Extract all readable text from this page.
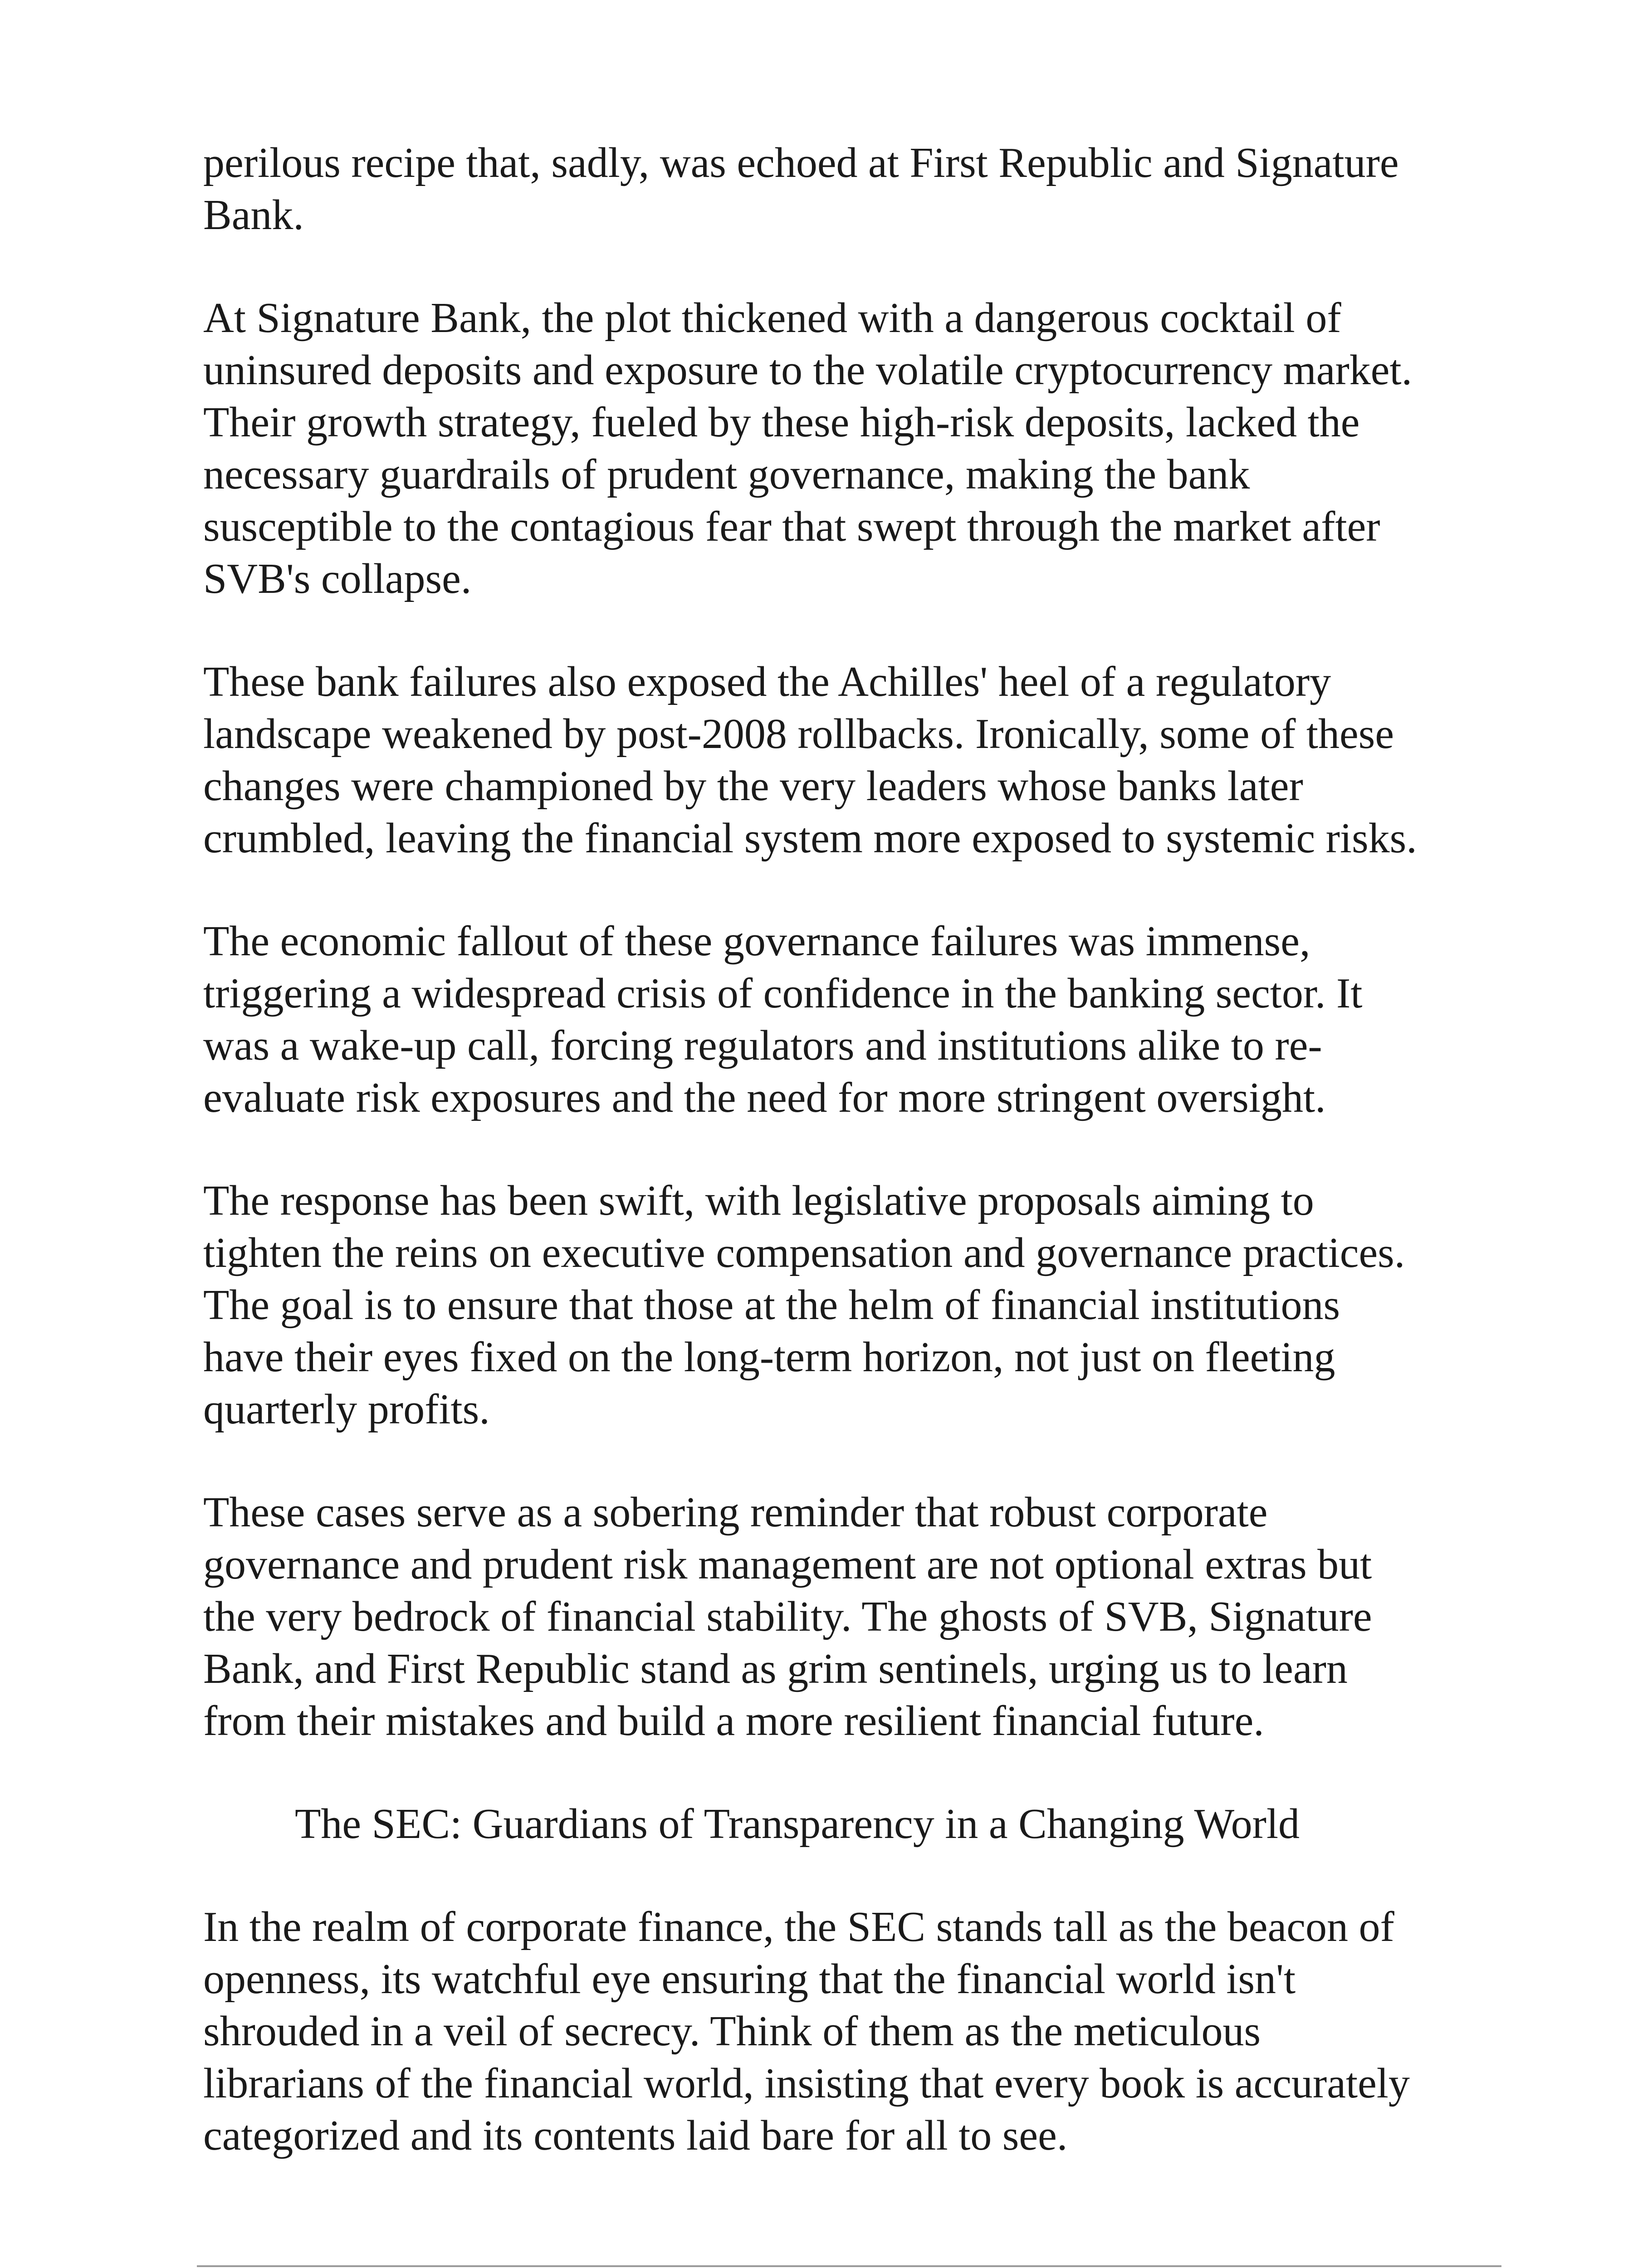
perilous recipe that, sadly, was echoed at First Republic and Signature
Bank.

At Signature Bank, the plot thickened with a dangerous cocktail of
uninsured deposits and exposure to the volatile cryptocurrency market.
Their growth strategy, fueled by these high-risk deposits, lacked the
necessary guardrails of prudent governance, making the bank
susceptible to the contagious fear that swept through the market after
SVB's collapse.

These bank failures also exposed the Achilles' heel of a regulatory
landscape weakened by post-2008 rollbacks. Ironically, some of these
changes were championed by the very leaders whose banks later
crumbled, leaving the financial system more exposed to systemic risks.

The economic fallout of these governance failures was immense,
triggering a widespread crisis of confidence in the banking sector. It
was a wake-up call, forcing regulators and institutions alike to re-
evaluate risk exposures and the need for more stringent oversight.

The response has been swift, with legislative proposals aiming to
tighten the reins on executive compensation and governance practices.
The goal is to ensure that those at the helm of financial institutions
have their eyes fixed on the long-term horizon, not just on fleeting
quarterly profits.

These cases serve as a sobering reminder that robust corporate
governance and prudent risk management are not optional extras but
the very bedrock of financial stability. The ghosts of SVB, Signature
Bank, and First Republic stand as grim sentinels, urging us to learn
from their mistakes and build a more resilient financial future.

The SEC: Guardians of Transparency in a Changing World

In the realm of corporate finance, the SEC stands tall as the beacon of
openness, its watchful eye ensuring that the financial world isn't
shrouded in a veil of secrecy. Think of them as the meticulous
librarians of the financial world, insisting that every book is accurately
categorized and its contents laid bare for all to see.
